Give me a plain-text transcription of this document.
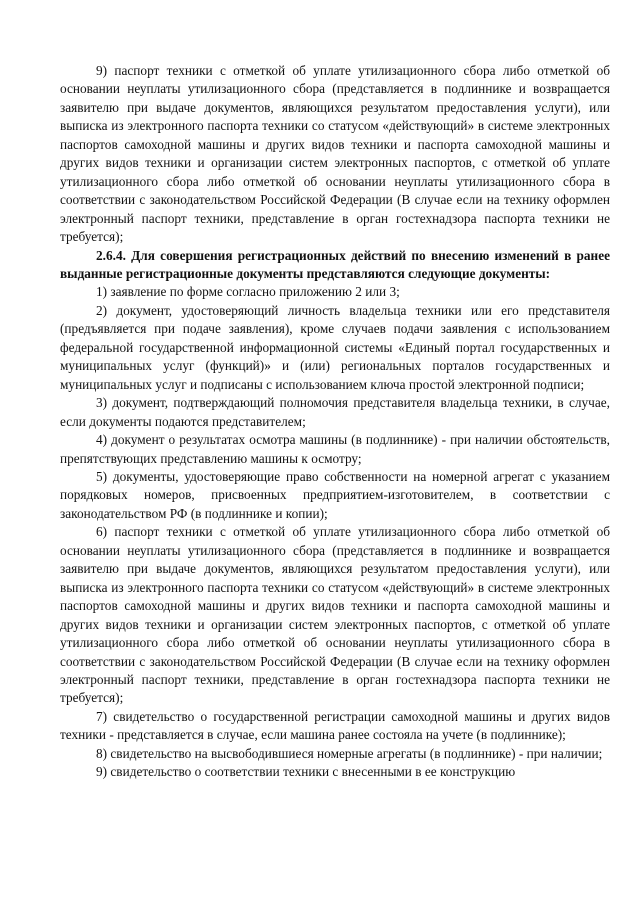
9) паспорт техники с отметкой об уплате утилизационного сбора либо отметкой об основании неуплаты утилизационного сбора (представляется в подлиннике и возвращается заявителю при выдаче документов, являющихся результатом предоставления услуги), или выписка из электронного паспорта техники со статусом «действующий» в системе электронных паспортов самоходной машины и других видов техники и паспорта самоходной машины и других видов техники и организации систем электронных паспортов, с отметкой об уплате утилизационного сбора либо отметкой об основании неуплаты утилизационного сбора в соответствии с законодательством Российской Федерации (В случае если на технику оформлен электронный паспорт техники, представление в орган гостехнадзора паспорта техники не требуется);

2.6.4. Для совершения регистрационных действий по внесению изменений в ранее выданные регистрационные документы представляются следующие документы:

1) заявление по форме согласно приложению 2 или 3;

2) документ, удостоверяющий личность владельца техники или его представителя (предъявляется при подаче заявления), кроме случаев подачи заявления с использованием федеральной государственной информационной системы «Единый портал государственных и муниципальных услуг (функций)» и (или) региональных порталов государственных и муниципальных услуг и подписаны с использованием ключа простой электронной подписи;

3) документ, подтверждающий полномочия представителя владельца техники, в случае, если документы подаются представителем;

4) документ о результатах осмотра машины (в подлиннике) - при наличии обстоятельств, препятствующих представлению машины к осмотру;

5) документы, удостоверяющие право собственности на номерной агрегат с указанием порядковых номеров, присвоенных предприятием-изготовителем, в соответствии с законодательством РФ (в подлиннике и копии);

6) паспорт техники с отметкой об уплате утилизационного сбора либо отметкой об основании неуплаты утилизационного сбора (представляется в подлиннике и возвращается заявителю при выдаче документов, являющихся результатом предоставления услуги), или выписка из электронного паспорта техники со статусом «действующий» в системе электронных паспортов самоходной машины и других видов техники и паспорта самоходной машины и других видов техники и организации систем электронных паспортов, с отметкой об уплате утилизационного сбора либо отметкой об основании неуплаты утилизационного сбора в соответствии с законодательством Российской Федерации (В случае если на технику оформлен электронный паспорт техники, представление в орган гостехнадзора паспорта техники не требуется);

7) свидетельство о государственной регистрации самоходной машины и других видов техники - представляется в случае, если машина ранее состояла на учете (в подлиннике);

8) свидетельство на высвободившиеся номерные агрегаты (в подлиннике) - при наличии;

9) свидетельство о соответствии техники с внесенными в ее конструкцию
